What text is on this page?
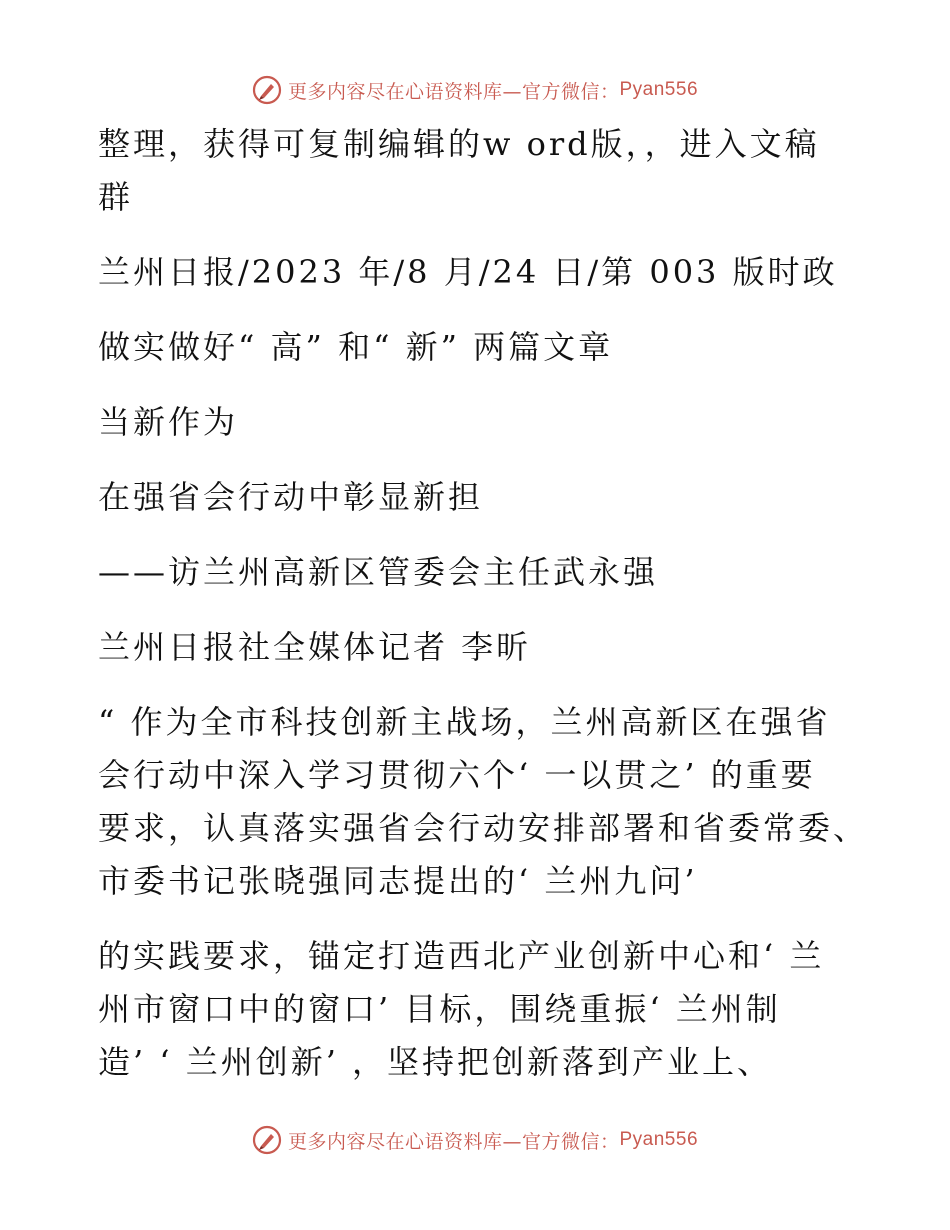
更多内容尽在心语资料库—官方微信： Pyan556
整理，获得可复制编辑的w ord版，，进入文稿
群
兰州日报/2023 年/8 月/24 日/第 003 版时政
做实做好“ 高” 和“ 新” 两篇文章
当新作为
在强省会行动中彰显新担
——访兰州高新区管委会主任武永强
兰州日报社全媒体记者 李昕
“ 作为全市科技创新主战场，兰州高新区在强省
会行动中深入学习贯彻六个‘ 一以贯之’ 的重要
要求，认真落实强省会行动安排部署和省委常委、
市委书记张晓强同志提出的‘ 兰州九问’
的实践要求，锚定打造西北产业创新中心和‘ 兰
州市窗口中的窗口’ 目标，围绕重振‘ 兰州制
造’ ‘ 兰州创新’ ，坚持把创新落到产业上、
更多内容尽在心语资料库—官方微信： Pyan556
